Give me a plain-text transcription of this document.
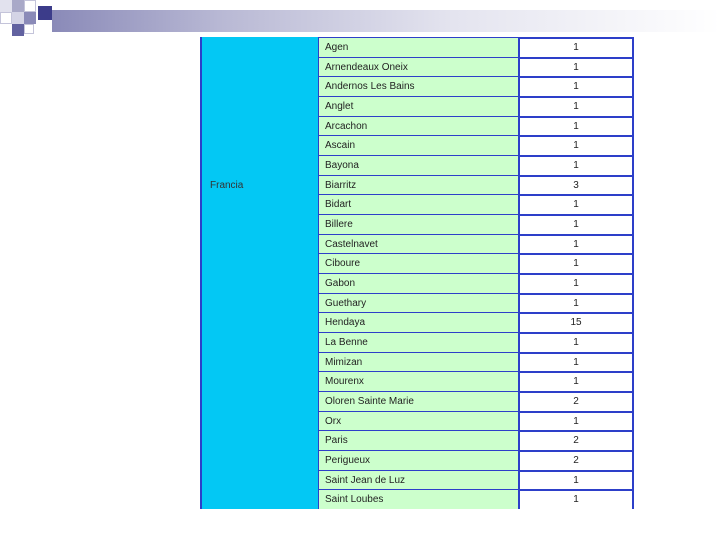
Francia
Agen	1
Arnendeaux Oneix	1
Andernos Les Bains	1
Anglet	1
Arcachon	1
Ascain	1
Bayona	1
Biarritz	3
Bidart	1
Billere	1
Castelnavet	1
Ciboure	1
Gabon	1
Guethary	1
Hendaya	15
La Benne	1
Mimizan	1
Mourenx	1
Oloren Sainte Marie	2
Orx	1
Paris	2
Perigueux	2
Saint Jean de Luz	1
Saint Loubes	1
